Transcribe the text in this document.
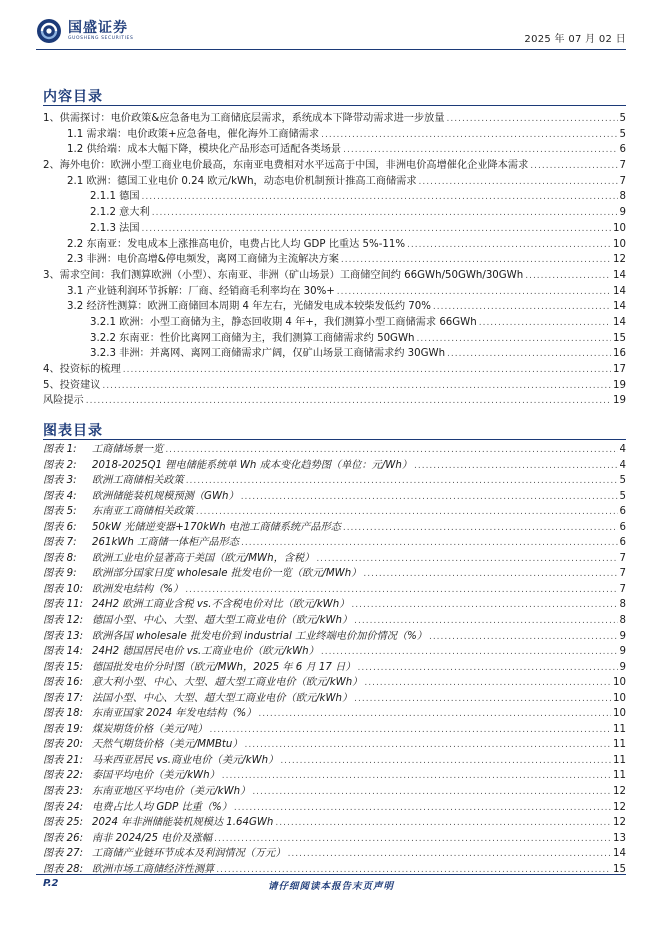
国盛证券
GUOSHENG SECURITIES	2025 年 07 月 02 日
内容目录
1、供需探讨：电价政策&应急备电为工商储底层需求，系统成本下降带动需求进一步放量 .....	5
1.1 需求端：电价政策+应急备电，催化海外工商储需求 .....	5
1.2 供给端：成本大幅下降，模块化产品形态可适配各类场景 .....	6
2、海外电价：欧洲小型工商业电价最高，东南亚电费相对水平远高于中国，非洲电价高增催化企业降本需求 .....	7
2.1 欧洲：德国工业电价 0.24 欧元/kWh，动态电价机制预计推高工商储需求 .....	7
2.1.1 德国 .....	8
2.1.2 意大利 .....	9
2.1.3 法国 .....	10
2.2 东南亚：发电成本上涨推高电价，电费占比人均 GDP 比重达 5%-11% .....	10
2.3 非洲：电价高增&停电频发，离网工商储为主流解决方案 .....	12
3、需求空间：我们测算欧洲（小型）、东南亚、非洲（矿山场景）工商储空间约 66GWh/50GWh/30GWh .....	14
3.1 产业链利润环节拆解：厂商、经销商毛利率均在 30%+ .....	14
3.2 经济性测算：欧洲工商储回本周期 4 年左右，光储发电成本较柴发低约 70% .....	14
3.2.1 欧洲：小型工商储为主，静态回收期 4 年+，我们测算小型工商储需求 66GWh .....	14
3.2.2 东南亚：性价比离网工商储为主，我们测算工商储需求约 50GWh .....	15
3.2.3 非洲：并离网、离网工商储需求广阔，仅矿山场景工商储需求约 30GWh .....	16
4、投资标的梳理 .....	17
5、投资建议 .....	19
风险提示 .....	19
图表目录
图表 1:	工商储场景一览 .....	4
图表 2:	2018-2025Q1 锂电储能系统单 Wh 成本变化趋势图（单位：元/Wh） .....	4
图表 3:	欧洲工商储相关政策 .....	5
图表 4:	欧洲储能装机规模预测（GWh） .....	5
图表 5:	东南亚工商储相关政策 .....	6
图表 6:	50kW 光储逆变器+170kWh 电池工商储系统产品形态 .....	6
图表 7:	261kWh 工商储一体柜产品形态 .....	6
图表 8:	欧洲工业电价显著高于美国（欧元/MWh，含税） .....	7
图表 9:	欧洲部分国家日度 wholesale 批发电价一览（欧元/MWh） .....	7
图表 10: 欧洲发电结构（%） .....	7
图表 11: 24H2 欧洲工商业含税 vs.不含税电价对比（欧元/kWh） .....	8
图表 12: 德国小型、中心、大型、超大型工商业电价（欧元/kWh） .....	8
图表 13: 欧洲各国 wholesale 批发电价到 industrial 工业终端电价加价情况（%） .....	9
图表 14: 24H2 德国居民电价 vs.工商业电价（欧元/kWh） .....	9
图表 15: 德国批发电价分时图（欧元/MWh，2025 年 6 月 17 日） .....	9
图表 16: 意大利小型、中心、大型、超大型工商业电价（欧元/kWh） .....	10
图表 17: 法国小型、中心、大型、超大型工商业电价（欧元/kWh） .....	10
图表 18: 东南亚国家 2024 年发电结构（%） .....	10
图表 19: 煤炭期货价格（美元/吨） .....	11
图表 20: 天然气期货价格（美元/MMBtu） .....	11
图表 21: 马来西亚居民 vs.商业电价（美元/kWh） .....	11
图表 22: 泰国平均电价（美元/kWh） .....	11
图表 23: 东南亚地区平均电价（美元/kWh） .....	12
图表 24: 电费占比人均 GDP 比重（%） .....	12
图表 25: 2024 年非洲储能装机规模达 1.64GWh .....	12
图表 26: 南非 2024/25 电价及涨幅 .....	13
图表 27: 工商储产业链环节成本及利润情况（万元） .....	14
图表 28: 欧洲市场工商储经济性测算 .....	15
P.2	请仔细阅读本报告末页声明
